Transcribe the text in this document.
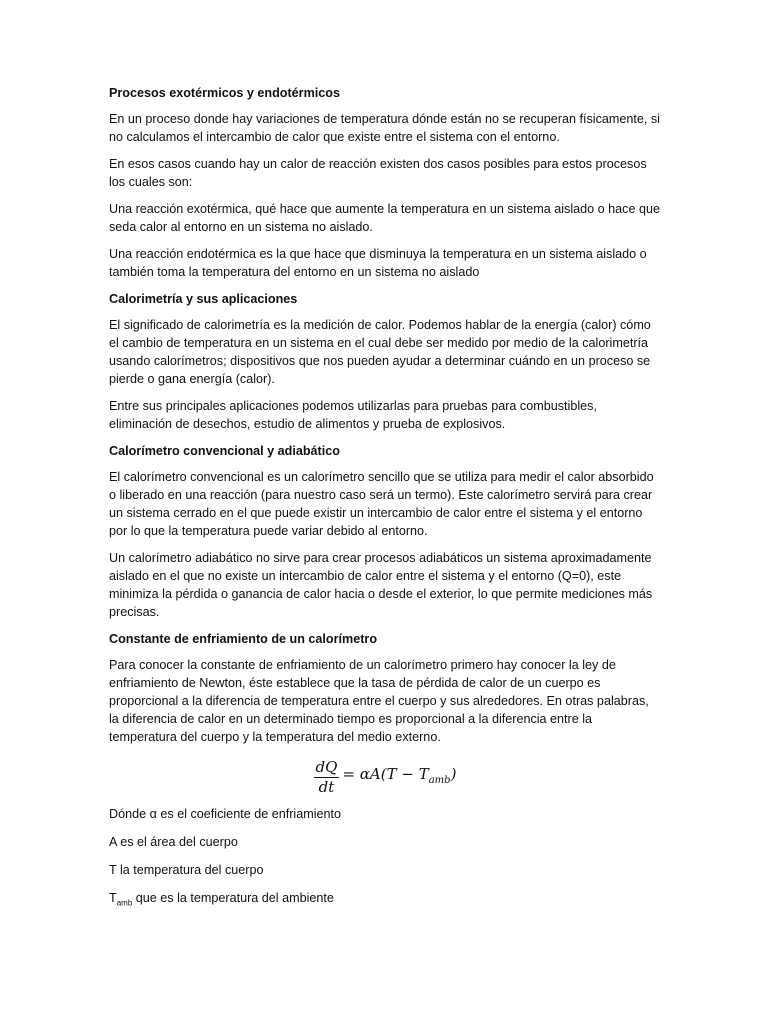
Procesos exotérmicos y endotérmicos

En un proceso donde hay variaciones de temperatura dónde están no se recuperan físicamente, si no calculamos el intercambio de calor que existe entre el sistema con el entorno.

En esos casos cuando hay un calor de reacción existen dos casos posibles para estos procesos los cuales son:

Una reacción exotérmica, qué hace que aumente la temperatura en un sistema aislado o hace que seda calor al entorno en un sistema no aislado.

Una reacción endotérmica es la que hace que disminuya la temperatura en un sistema aislado o también toma la temperatura del entorno en un sistema no aislado

Calorimetría y sus aplicaciones

El significado de calorimetría es la medición de calor. Podemos hablar de la energía (calor) cómo el cambio de temperatura en un sistema en el cual debe ser medido por medio de la calorimetría usando calorímetros; dispositivos que nos pueden ayudar a determinar cuándo en un proceso se pierde o gana energía (calor).

Entre sus principales aplicaciones podemos utilizarlas para pruebas para combustibles, eliminación de desechos, estudio de alimentos y prueba de explosivos.

Calorímetro convencional y adiabático

El calorímetro convencional es un calorímetro sencillo que se utiliza para medir el calor absorbido o liberado en una reacción (para nuestro caso será un termo). Este calorímetro servirá para crear un sistema cerrado en el que puede existir un intercambio de calor entre el sistema y el entorno por lo que la temperatura puede variar debido al entorno.

Un calorímetro adiabático no sirve para crear procesos adiabáticos un sistema aproximadamente aislado en el que no existe un intercambio de calor entre el sistema y el entorno (Q=0), este minimiza la pérdida o ganancia de calor hacia o desde el exterior, lo que permite mediciones más precisas.

Constante de enfriamiento de un calorímetro

Para conocer la constante de enfriamiento de un calorímetro primero hay conocer la ley de enfriamiento de Newton, éste establece que la tasa de pérdida de calor de un cuerpo es proporcional a la diferencia de temperatura entre el cuerpo y sus alrededores. En otras palabras, la diferencia de calor en un determinado tiempo es proporcional a la diferencia entre la temperatura del cuerpo y la temperatura del medio externo.

$\frac{dQ}{dt} = \alpha A(T - T_{amb})$

Dónde α es el coeficiente de enfriamiento

A es el área del cuerpo

T la temperatura del cuerpo

$T_{amb}$ que es la temperatura del ambiente
